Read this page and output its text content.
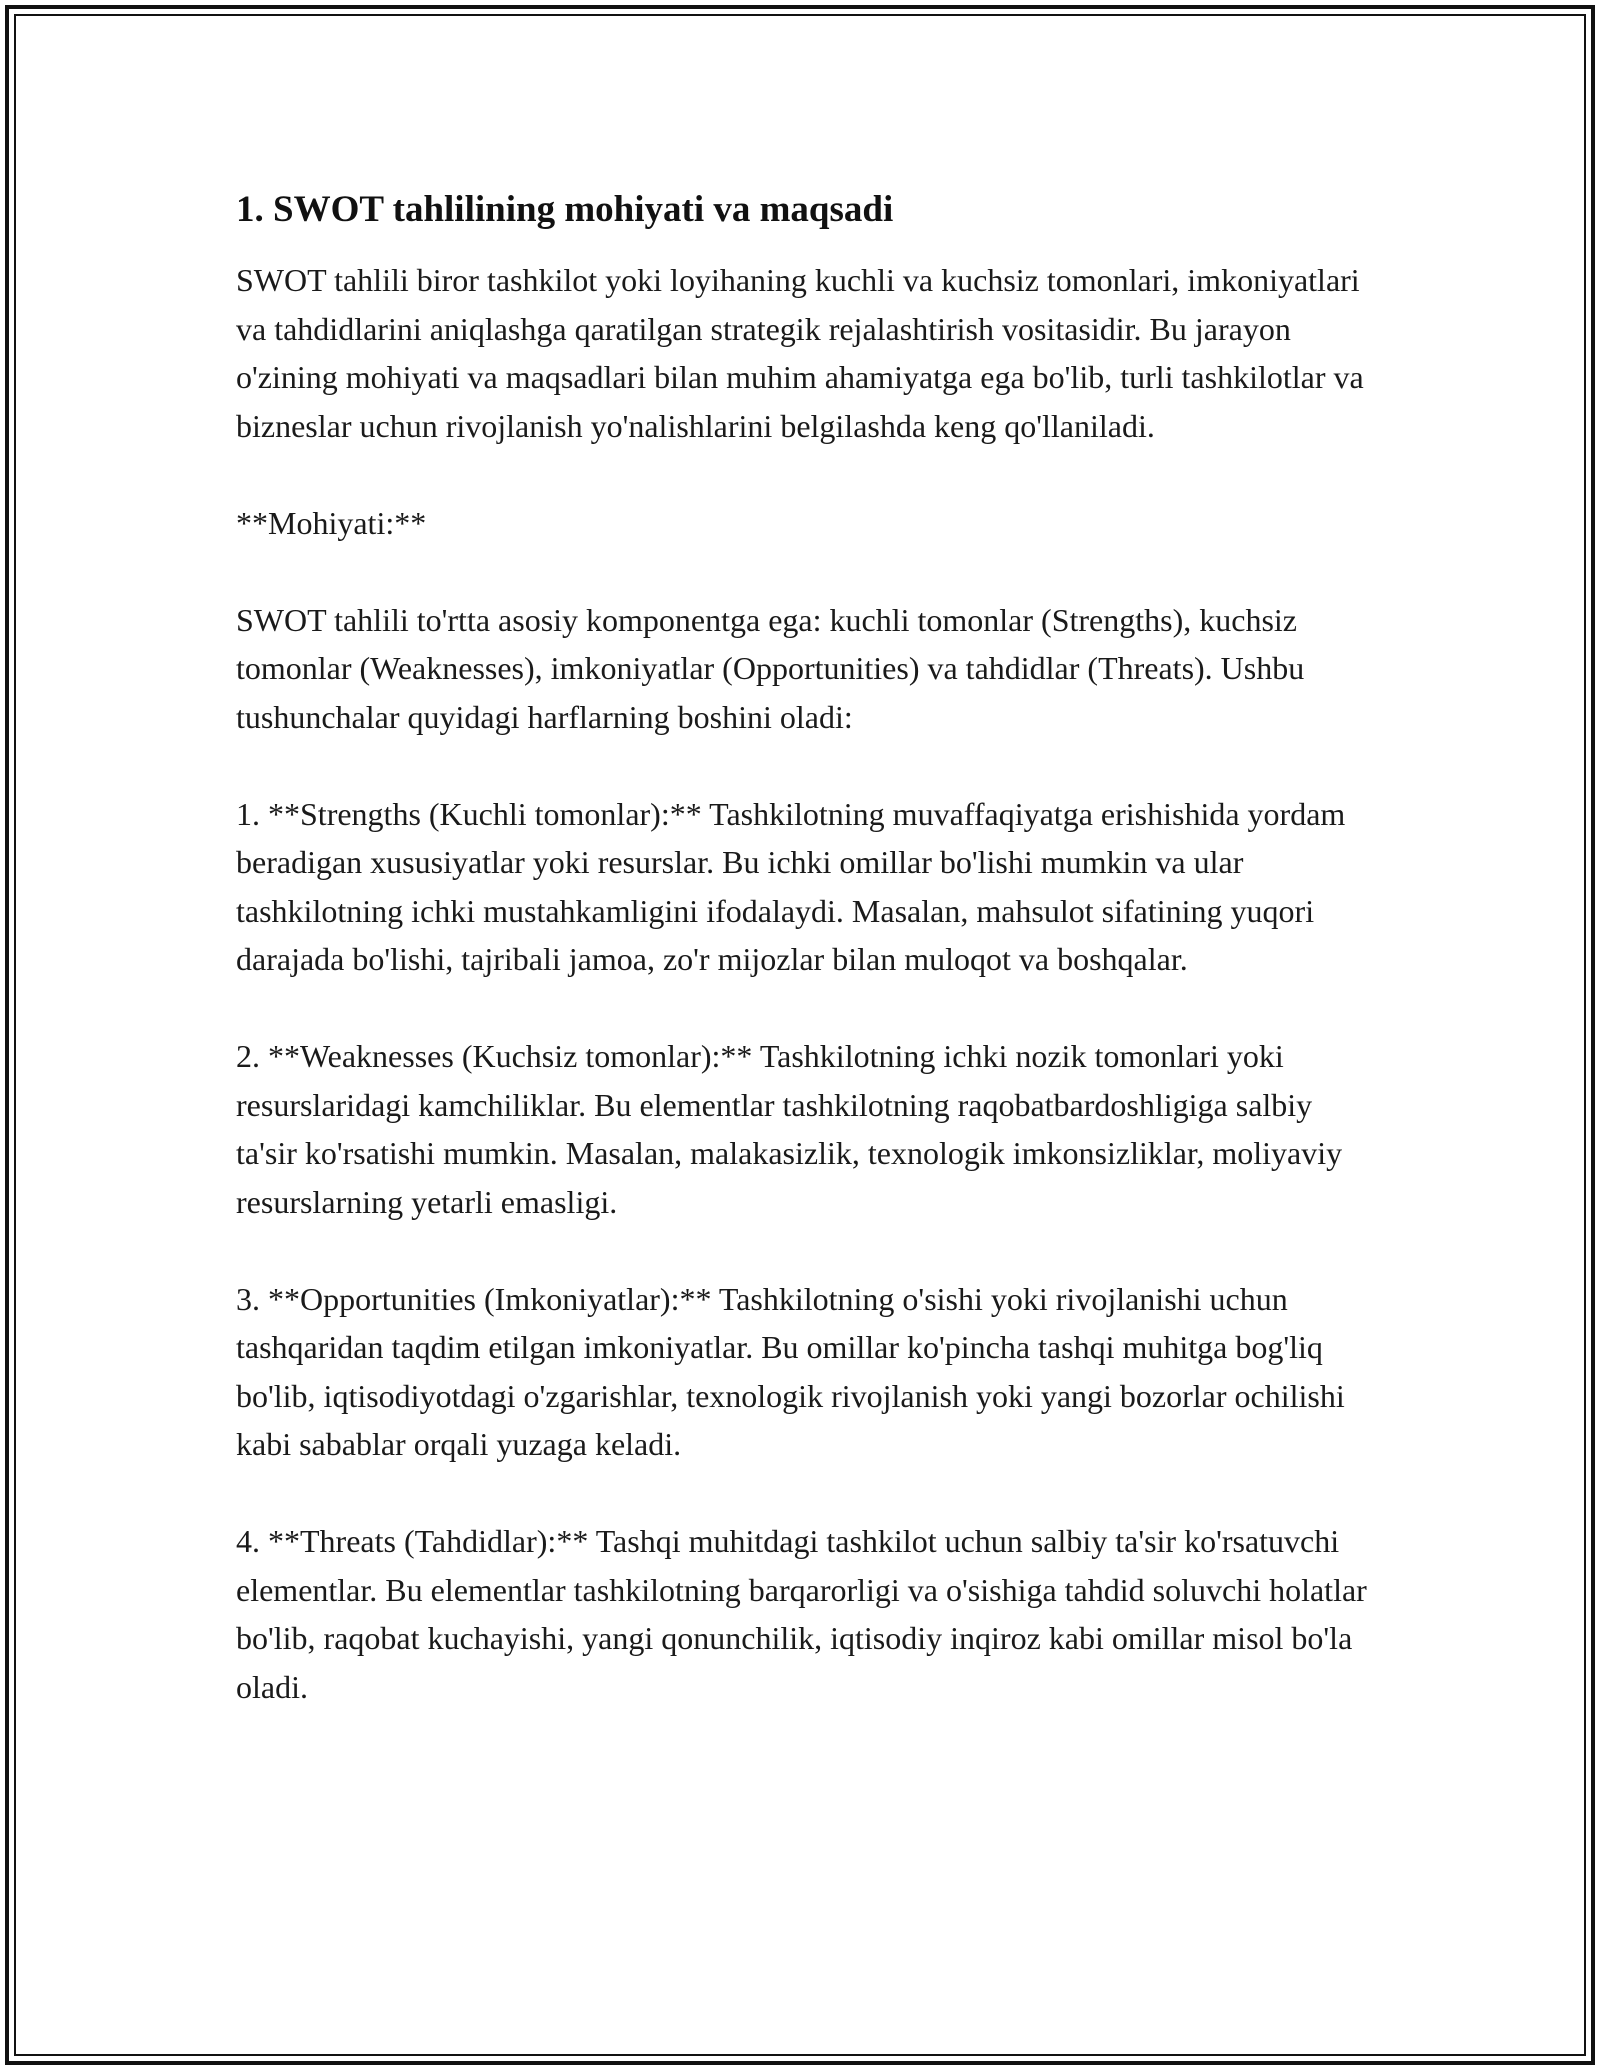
1. SWOT tahlilining mohiyati va maqsadi

SWOT tahlili biror tashkilot yoki loyihaning kuchli va kuchsiz tomonlari, imkoniyatlari va tahdidlarini aniqlashga qaratilgan strategik rejalashtirish vositasidir. Bu jarayon o'zining mohiyati va maqsadlari bilan muhim ahamiyatga ega bo'lib, turli tashkilotlar va bizneslar uchun rivojlanish yo'nalishlarini belgilashda keng qo'llaniladi.

**Mohiyati:**

SWOT tahlili to'rtta asosiy komponentga ega: kuchli tomonlar (Strengths), kuchsiz tomonlar (Weaknesses), imkoniyatlar (Opportunities) va tahdidlar (Threats). Ushbu tushunchalar quyidagi harflarning boshini oladi:

1. **Strengths (Kuchli tomonlar):** Tashkilotning muvaffaqiyatga erishishida yordam beradigan xususiyatlar yoki resurslar. Bu ichki omillar bo'lishi mumkin va ular tashkilotning ichki mustahkamligini ifodalaydi. Masalan, mahsulot sifatining yuqori darajada bo'lishi, tajribali jamoa, zo'r mijozlar bilan muloqot va boshqalar.

2. **Weaknesses (Kuchsiz tomonlar):** Tashkilotning ichki nozik tomonlari yoki resurslaridagi kamchiliklar. Bu elementlar tashkilotning raqobatbardoshligiga salbiy ta'sir ko'rsatishi mumkin. Masalan, malakasizlik, texnologik imkonsizliklar, moliyaviy resurslarning yetarli emasligi.

3. **Opportunities (Imkoniyatlar):** Tashkilotning o'sishi yoki rivojlanishi uchun tashqaridan taqdim etilgan imkoniyatlar. Bu omillar ko'pincha tashqi muhitga bog'liq bo'lib, iqtisodiyotdagi o'zgarishlar, texnologik rivojlanish yoki yangi bozorlar ochilishi kabi sabablar orqali yuzaga keladi.

4. **Threats (Tahdidlar):** Tashqi muhitdagi tashkilot uchun salbiy ta'sir ko'rsatuvchi elementlar. Bu elementlar tashkilotning barqarorligi va o'sishiga tahdid soluvchi holatlar bo'lib, raqobat kuchayishi, yangi qonunchilik, iqtisodiy inqiroz kabi omillar misol bo'la oladi.
